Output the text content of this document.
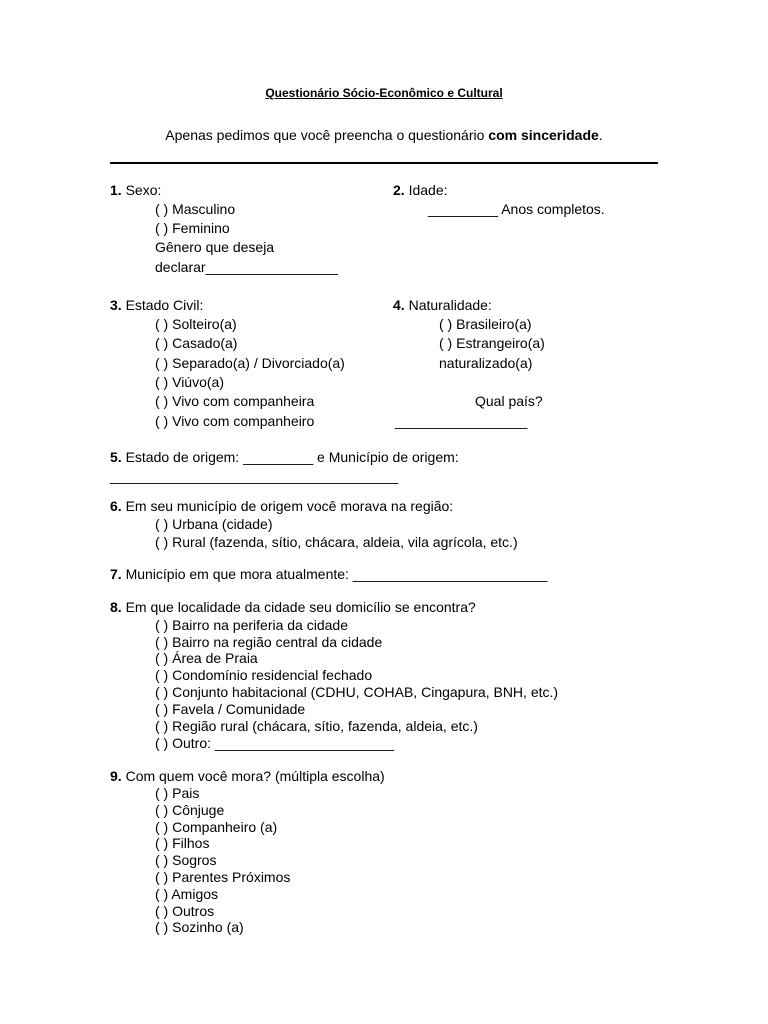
Questionário Sócio-Econômico e Cultural
Apenas pedimos que você preencha o questionário com sinceridade.
1. Sexo:
( ) Masculino
( ) Feminino
Gênero que deseja
declarar_________________
2. Idade:
_________ Anos completos.
3. Estado Civil:
( ) Solteiro(a)
( ) Casado(a)
( ) Separado(a) / Divorciado(a)
( ) Viúvo(a)
( ) Vivo com companheira
( ) Vivo com companheiro
4. Naturalidade:
( ) Brasileiro(a)
( ) Estrangeiro(a)
naturalizado(a)
Qual país?
_________________
5. Estado de origem: _________ e Município de origem:
_____________________________________
6. Em seu município de origem você morava na região:
( ) Urbana (cidade)
( ) Rural (fazenda, sítio, chácara, aldeia, vila agrícola, etc.)
7. Município em que mora atualmente: _________________________
8. Em que localidade da cidade seu domicílio se encontra?
( ) Bairro na periferia da cidade
( ) Bairro na região central da cidade
( ) Área de Praia
( ) Condomínio residencial fechado
( ) Conjunto habitacional (CDHU, COHAB, Cingapura, BNH, etc.)
( ) Favela / Comunidade
( ) Região rural (chácara, sítio, fazenda, aldeia, etc.)
( ) Outro: _______________________
9. Com quem você mora? (múltipla escolha)
( ) Pais
( ) Cônjuge
( ) Companheiro (a)
( ) Filhos
( ) Sogros
( ) Parentes Próximos
( ) Amigos
( ) Outros
( ) Sozinho (a)
